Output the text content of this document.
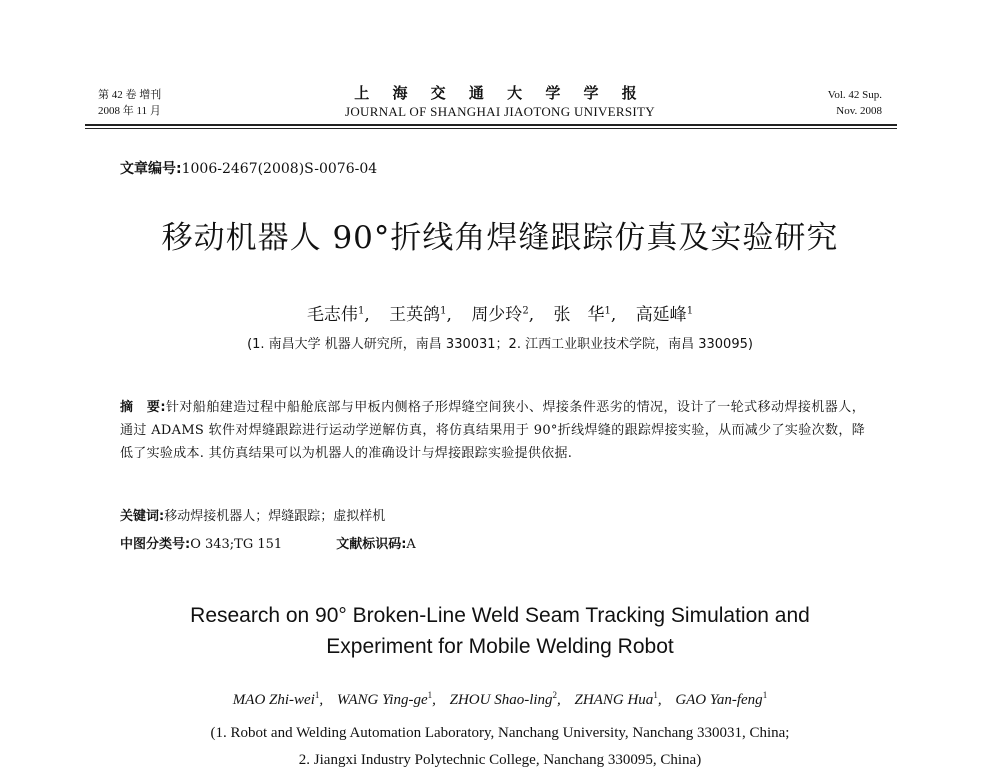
第 42 卷 增刊
2008 年 11 月
上 海 交 通 大 学 学 报
JOURNAL OF SHANGHAI JIAOTONG UNIVERSITY
Vol. 42 Sup.
Nov. 2008
文章编号:1006-2467(2008)S-0076-04
移动机器人 90°折线角焊缝跟踪仿真及实验研究
毛志伟$^1$, 王英鸽$^1$, 周少玲$^2$, 张　华$^1$, 高延峰$^1$
(1. 南昌大学 机器人研究所，南昌 330031；2. 江西工业职业技术学院，南昌 330095)
摘　要:针对船舶建造过程中船舱底部与甲板内侧格子形焊缝空间狭小、焊接条件恶劣的情况，设计了一轮式移动焊接机器人，通过 ADAMS 软件对焊缝跟踪进行运动学逆解仿真，将仿真结果用于 90°折线焊缝的跟踪焊接实验，从而减少了实验次数，降低了实验成本. 其仿真结果可以为机器人的准确设计与焊接跟踪实验提供依据.
关键词:移动焊接机器人；焊缝跟踪；虚拟样机
中图分类号:O 343;TG 151	文献标识码:A
Research on 90° Broken-Line Weld Seam Tracking Simulation and
Experiment for Mobile Welding Robot
MAO Zhi-wei$^1$, WANG Ying-$ge^1$, ZHOU Shao-ling$^2$, ZHANG Hua$^1$, GAO Yan-feng$^1$
(1. Robot and Welding Automation Laboratory, Nanchang University, Nanchang 330031, China;
2. Jiangxi Industry Polytechnic College, Nanchang 330095, China)
